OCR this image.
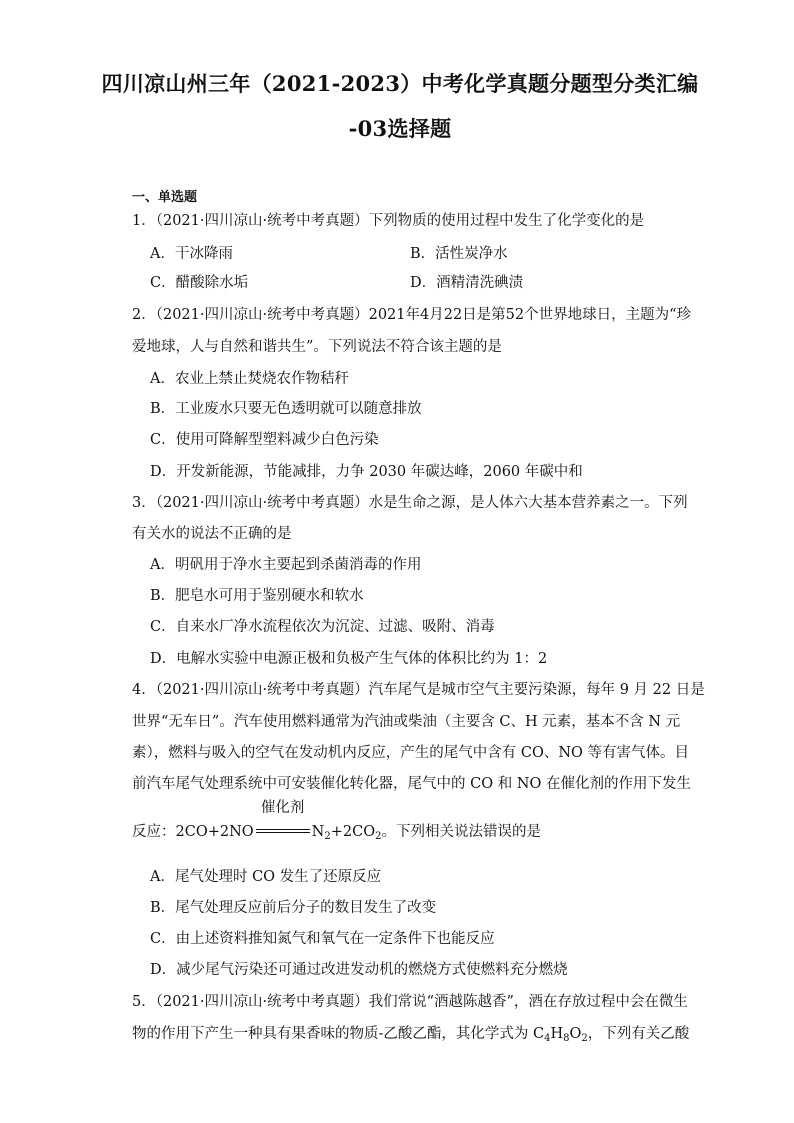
四川凉山州三年（2021-2023）中考化学真题分题型分类汇编
-03选择题
一、单选题
1．（2021·四川凉山·统考中考真题）下列物质的使用过程中发生了化学变化的是
A．干冰降雨	B．活性炭净水
C．醋酸除水垢	D．酒精清洗碘渍
2．（2021·四川凉山·统考中考真题）2021年4月22日是第52个世界地球日，主题为“珍
爱地球，人与自然和谐共生”。下列说法不符合该主题的是
A．农业上禁止焚烧农作物秸秆
B．工业废水只要无色透明就可以随意排放
C．使用可降解型塑料减少白色污染
D．开发新能源，节能减排，力争 2030 年碳达峰，2060 年碳中和
3．（2021·四川凉山·统考中考真题）水是生命之源，是人体六大基本营养素之一。下列
有关水的说法不正确的是
A．明矾用于净水主要起到杀菌消毒的作用
B．肥皂水可用于鉴别硬水和软水
C．自来水厂净水流程依次为沉淀、过滤、吸附、消毒
D．电解水实验中电源正极和负极产生气体的体积比约为 1：2
4．（2021·四川凉山·统考中考真题）汽车尾气是城市空气主要污染源，每年 9 月 22 日是
世界“无车日”。汽车使用燃料通常为汽油或柴油（主要含 C、H 元素，基本不含 N 元
素），燃料与吸入的空气在发动机内反应，产生的尾气中含有 CO、NO 等有害气体。目
前汽车尾气处理系统中可安装催化转化器，尾气中的 CO 和 NO 在催化剂的作用下发生
反应：2CO+2NO
催化剂
$N_2+2CO_2$。下列相关说法错误的是
A．尾气处理时 CO 发生了还原反应
B．尾气处理反应前后分子的数目发生了改变
C．由上述资料推知氮气和氧气在一定条件下也能反应
D．减少尾气污染还可通过改进发动机的燃烧方式使燃料充分燃烧
5．（2021·四川凉山·统考中考真题）我们常说“酒越陈越香”，酒在存放过程中会在微生
物的作用下产生一种具有果香味的物质-乙酸乙酯，其化学式为 $C_4H_8O_2$，下列有关乙酸
